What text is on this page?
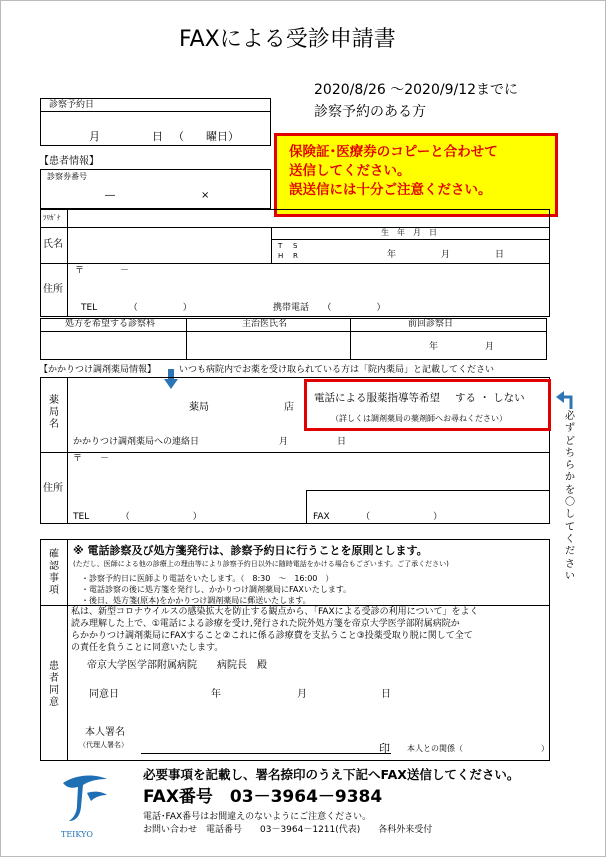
FAXによる受診申請書
2020/8/26 ～2020/9/12までに
診察予約のある方
診察予約日
月	日 （　　曜日）
保険証･医療券のコピーと合わせて
送信してください。
誤送信には十分ご注意ください。
【患者情報】
診察券番号
―	×
ﾌﾘｶﾞﾅ
氏名
生　年　月　日
T S
H R	年	月	日
住所
〒　　　　－
TEL　　　　（　　　　　）	携帯電話　　（　　　　　）
処方を希望する診察科	主治医氏名	前回診察日
年	月
【かかりつけ調剤薬局情報】	いつも病院内でお薬を受け取られている方は「院内薬局」と記載してください
薬局名
薬局	店
かかりつけ調剤薬局への連絡日	月	日
電話による服薬指導等希望 する ・ しない
（詳しくは調剤薬局の薬剤師へお尋ねください）	必ずどちらかを〇してください
〒　　－
住所
TEL　　　　（　　　　　　　）	FAX　　　　（　　　　　　　）
確認事項
※ 電話診察及び処方箋発行は、診察予約日に行うことを原則とします。
(ただし、医師による他の診療上の理由等により診察予約日以外に随時電話をかける場合もございます。ご了承ください)
・診察予約日に医師より電話をいたします。（　8:30　～　16:00　）
・電話診察の後に処方箋を発行し、かかりつけ調剤薬局にFAXいたします。
・後日、処方箋(原本)をかかりつけ調剤薬局に郵送いたします。
患者同意
私は、新型コロナウイルスの感染拡大を防止する観点から、「FAXによる受診の利用について」をよく
読み理解した上で、①電話による診療を受け,発行された院外処方箋を帝京大学医学部附属病院か
らかかりつけ調剤薬局にFAXすること②これに係る診療費を支払うこと③投薬受取り脱に関して全て
の責任を負うことに同意いたします。
帝京大学医学部附属病院　　病院長　殿
同意日	年	月	日
本人署名
（代理人署名）	印 本人との関係（	）
TEIKYO
必要事項を記載し、署名捺印のうえ下記へFAX送信してください。
FAX番号　03－3964－9384
電話･FAX番号はお間違えのないようにご注意ください。
お問い合わせ　電話番号　　03－3964－1211(代表)　　各科外来受付
